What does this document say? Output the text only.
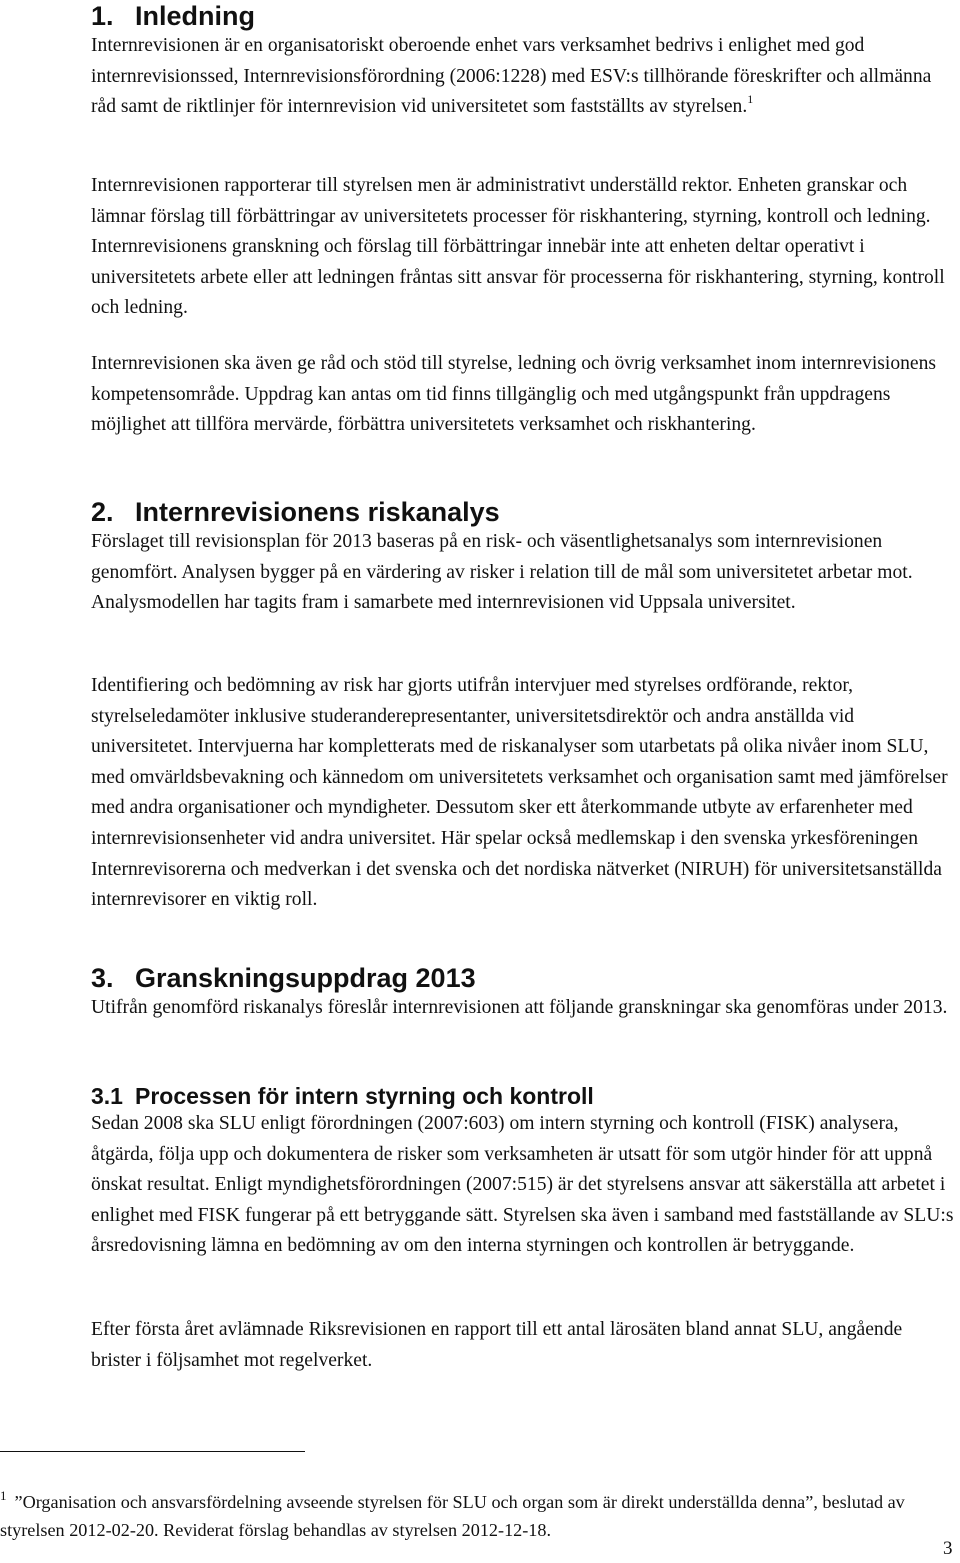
1. Inledning

Internrevisionen är en organisatoriskt oberoende enhet vars verksamhet bedrivs i enlighet med god internrevisionssed, Internrevisionsförordning (2006:1228) med ESV:s tillhörande föreskrifter och allmänna råd samt de riktlinjer för internrevision vid universitetet som fastställts av styrelsen.$^1$

Internrevisionen rapporterar till styrelsen men är administrativt underställd rektor. Enheten granskar och lämnar förslag till förbättringar av universitetets processer för riskhantering, styrning, kontroll och ledning. Internrevisionens granskning och förslag till förbättringar innebär inte att enheten deltar operativt i universitetets arbete eller att ledningen fråntas sitt ansvar för processerna för riskhantering, styrning, kontroll och ledning.

Internrevisionen ska även ge råd och stöd till styrelse, ledning och övrig verksamhet inom internrevisionens kompetensområde. Uppdrag kan antas om tid finns tillgänglig och med utgångspunkt från uppdragens möjlighet att tillföra mervärde, förbättra universitetets verksamhet och riskhantering.

2. Internrevisionens riskanalys

Förslaget till revisionsplan för 2013 baseras på en risk- och väsentlighetsanalys som internrevisionen genomfört. Analysen bygger på en värdering av risker i relation till de mål som universitetet arbetar mot. Analysmodellen har tagits fram i samarbete med internrevisionen vid Uppsala universitet.

Identifiering och bedömning av risk har gjorts utifrån intervjuer med styrelses ordförande, rektor, styrelseledamöter inklusive studeranderepresentanter, universitetsdirektör och andra anställda vid universitetet. Intervjuerna har kompletterats med de riskanalyser som utarbetats på olika nivåer inom SLU, med omvärldsbevakning och kännedom om universitetets verksamhet och organisation samt med jämförelser med andra organisationer och myndigheter. Dessutom sker ett återkommande utbyte av erfarenheter med internrevisionsenheter vid andra universitet. Här spelar också medlemskap i den svenska yrkesföreningen Internrevisorerna och medverkan i det svenska och det nordiska nätverket (NIRUH) för universitetsanställda internrevisorer en viktig roll.

3. Granskningsuppdrag 2013

Utifrån genomförd riskanalys föreslår internrevisionen att följande granskningar ska genomföras under 2013.

3.1 Processen för intern styrning och kontroll

Sedan 2008 ska SLU enligt förordningen (2007:603) om intern styrning och kontroll (FISK) analysera, åtgärda, följa upp och dokumentera de risker som verksamheten är utsatt för som utgör hinder för att uppnå önskat resultat. Enligt myndighetsförordningen (2007:515) är det styrelsens ansvar att säkerställa att arbetet i enlighet med FISK fungerar på ett betryggande sätt. Styrelsen ska även i samband med fastställande av SLU:s årsredovisning lämna en bedömning av om den interna styrningen och kontrollen är betryggande.

Efter första året avlämnade Riksrevisionen en rapport till ett antal lärosäten bland annat SLU, angående brister i följsamhet mot regelverket.

$^1$ ”Organisation och ansvarsfördelning avseende styrelsen för SLU och organ som är direkt underställda denna”, beslutad av styrelsen 2012-02-20. Reviderat förslag behandlas av styrelsen 2012-12-18.
3
